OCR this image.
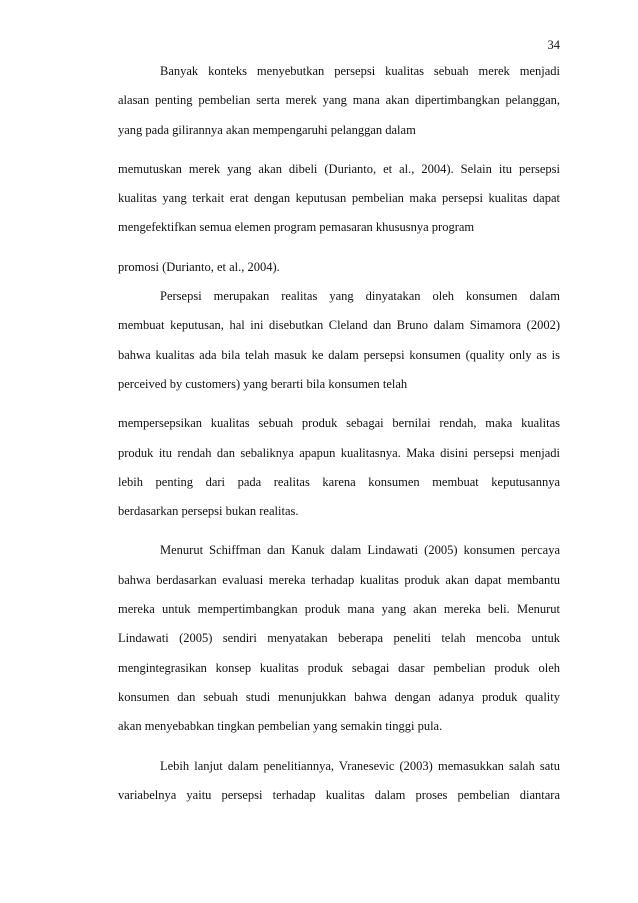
34
Banyak konteks menyebutkan persepsi kualitas sebuah merek menjadi
alasan penting pembelian serta merek yang mana akan dipertimbangkan pelanggan,
yang pada gilirannya akan mempengaruhi pelanggan dalam
memutuskan merek yang akan dibeli (Durianto, et al., 2004). Selain itu persepsi
kualitas yang terkait erat dengan keputusan pembelian maka persepsi kualitas dapat
mengefektifkan semua elemen program pemasaran khususnya program
promosi (Durianto, et al., 2004).
Persepsi merupakan realitas yang dinyatakan oleh konsumen dalam
membuat keputusan, hal ini disebutkan Cleland dan Bruno dalam Simamora (2002)
bahwa kualitas ada bila telah masuk ke dalam persepsi konsumen (quality only as is
perceived by customers) yang berarti bila konsumen telah
mempersepsikan kualitas sebuah produk sebagai bernilai rendah, maka kualitas
produk itu rendah dan sebaliknya apapun kualitasnya. Maka disini persepsi menjadi
lebih penting dari pada realitas karena konsumen membuat keputusannya
berdasarkan persepsi bukan realitas.
Menurut Schiffman dan Kanuk dalam Lindawati (2005) konsumen percaya
bahwa berdasarkan evaluasi mereka terhadap kualitas produk akan dapat membantu
mereka untuk mempertimbangkan produk mana yang akan mereka beli. Menurut
Lindawati (2005) sendiri menyatakan beberapa peneliti telah mencoba untuk
mengintegrasikan konsep kualitas produk sebagai dasar pembelian produk oleh
konsumen dan sebuah studi menunjukkan bahwa dengan adanya produk quality
akan menyebabkan tingkan pembelian yang semakin tinggi pula.
Lebih lanjut dalam penelitiannya, Vranesevic (2003) memasukkan salah satu
variabelnya yaitu persepsi terhadap kualitas dalam proses pembelian diantara
